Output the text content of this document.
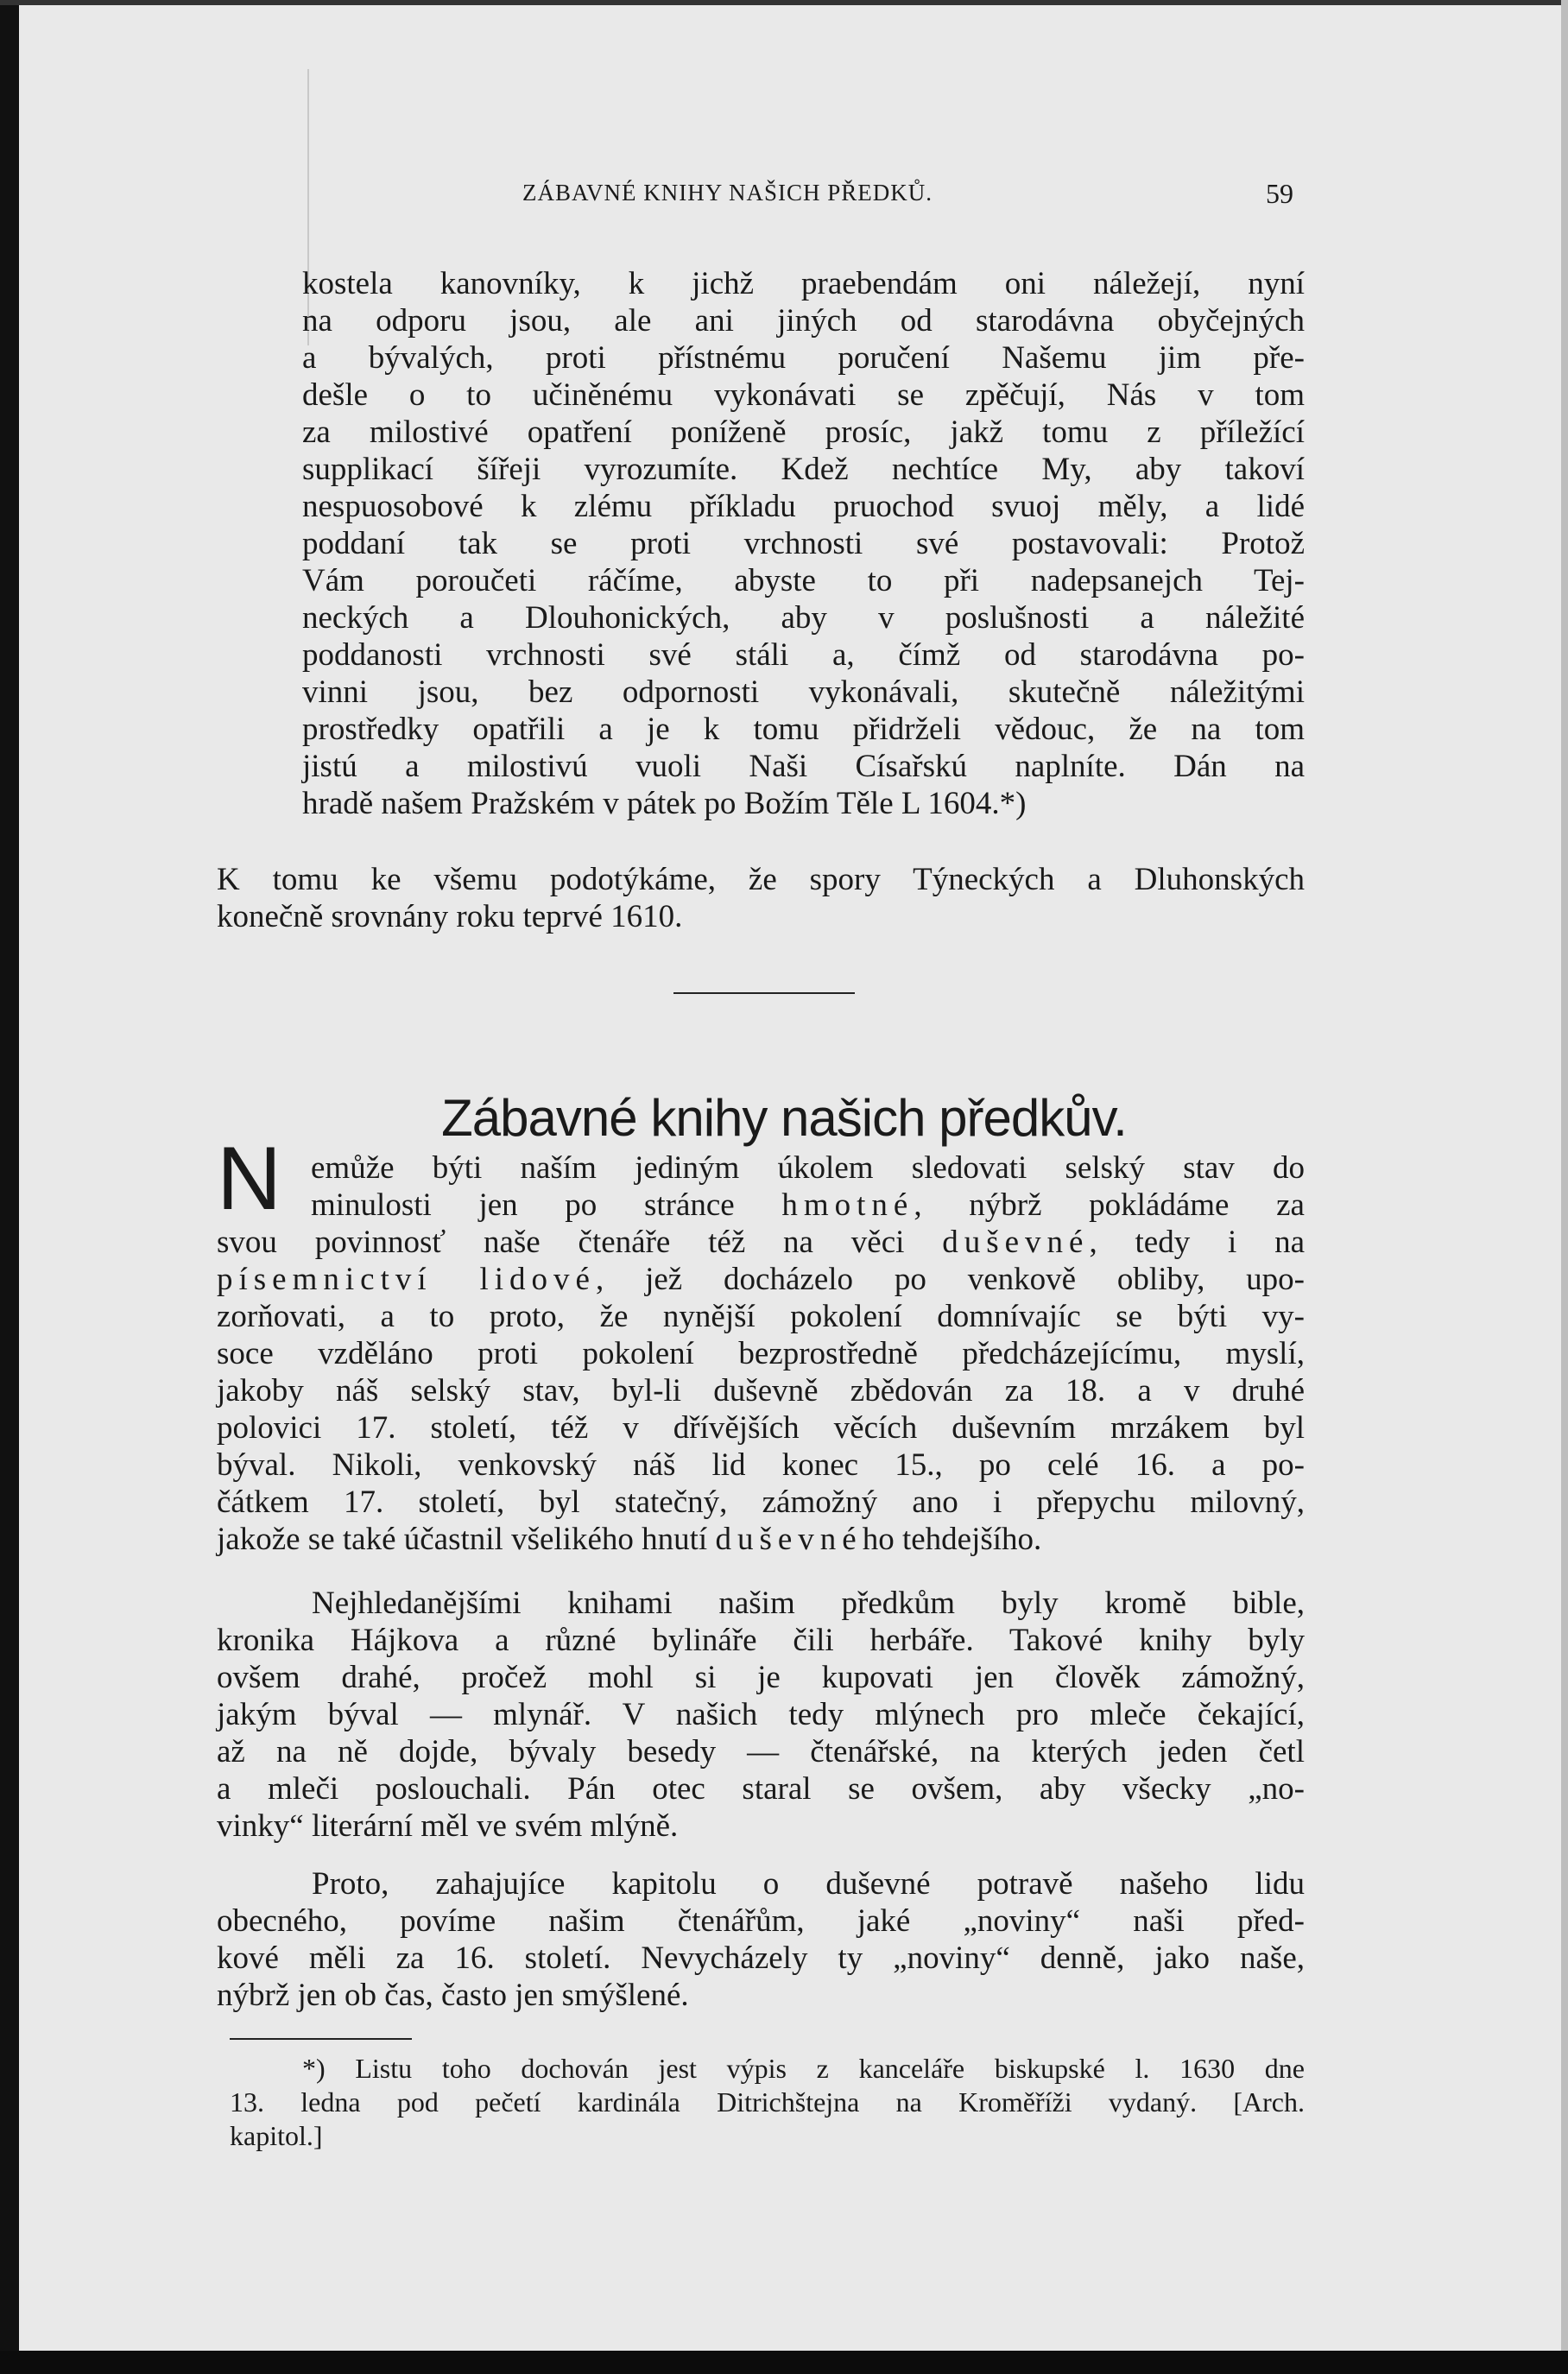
ZÁBAVNÉ KNIHY NAŠICH PŘEDKŮ.	59
kostela kanovníky, k jichž praebendám oni náležejí, nyní
na odporu jsou, ale ani jiných od starodávna obyčejných
a bývalých, proti přístnému poručení Našemu jim pře-
dešle o to učiněnému vykonávati se zpěčují, Nás v tom
za milostivé opatření poníženě prosíc, jakž tomu z příležící
supplikací šířeji vyrozumíte. Kdež nechtíce My, aby takoví
nespuosobové k zlému příkladu pruochod svuoj měly, a lidé
poddaní tak se proti vrchnosti své postavovali: Protož
Vám poroučeti ráčíme, abyste to při nadepsanejch Tej-
neckých a Dlouhonických, aby v poslušnosti a náležité
poddanosti vrchnosti své stáli a, čímž od starodávna po-
vinni jsou, bez odpornosti vykonávali, skutečně náležitými
prostředky opatřili a je k tomu přidrželi vědouc, že na tom
jistú a milostivú vuoli Naši Císařskú naplníte. Dán na
hradě našem Pražském v pátek po Božím Těle L 1604.*)
K tomu ke všemu podotýkáme, že spory Týneckých a Dluhonských
konečně srovnány roku teprvé 1610.
Zábavné knihy našich předkův.
N emůže býti naším jediným úkolem sledovati selský stav do
minulosti jen po stránce hmotné, nýbrž pokládáme za
svou povinnosť naše čtenáře též na věci duševné, tedy i na
písemnictví lidové, jež docházelo po venkově obliby, upo-
zorňovati, a to proto, že nynější pokolení domnívajíc se býti vy-
soce vzděláno proti pokolení bezprostředně předcházejícímu, myslí,
jakoby náš selský stav, byl-li duševně zbědován za 18. a v druhé
polovici 17. století, též v dřívějších věcích duševním mrzákem byl
býval. Nikoli, venkovský náš lid konec 15., po celé 16. a po-
čátkem 17. století, byl statečný, zámožný ano i přepychu milovný,
jakože se také účastnil všelikého hnutí duševného tehdejšího.
Nejhledanějšími knihami našim předkům byly kromě bible,
kronika Hájkova a různé bylináře čili herbáře. Takové knihy byly
ovšem drahé, pročež mohl si je kupovati jen člověk zámožný,
jakým býval — mlynář. V našich tedy mlýnech pro mleče čekající,
až na ně dojde, bývaly besedy — čtenářské, na kterých jeden četl
a mleči poslouchali. Pán otec staral se ovšem, aby všecky „no-
vinky“ literární měl ve svém mlýně.
Proto, zahajujíce kapitolu o duševné potravě našeho lidu
obecného, povíme našim čtenářům, jaké „noviny“ naši před-
kové měli za 16. století. Nevycházely ty „noviny“ denně, jako naše,
nýbrž jen ob čas, často jen smýšlené.
*) Listu toho dochován jest výpis z kanceláře biskupské l. 1630 dne
13. ledna pod pečetí kardinála Ditrichštejna na Kroměříži vydaný. [Arch.
kapitol.]
